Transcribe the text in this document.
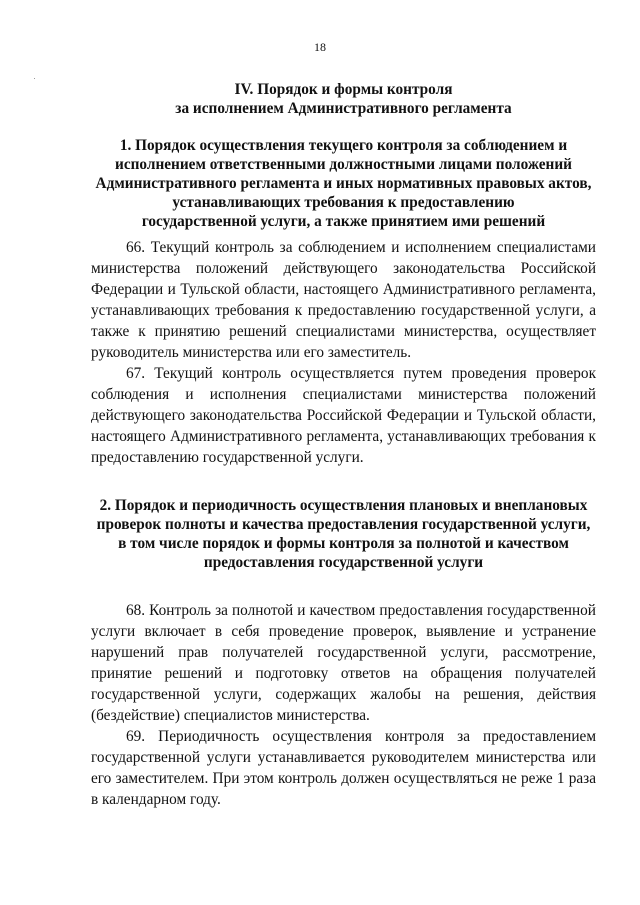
18
IV. Порядок и формы контроля
за исполнением Административного регламента
1. Порядок осуществления текущего контроля за соблюдением и
исполнением ответственными должностными лицами положений
Административного регламента и иных нормативных правовых актов,
устанавливающих требования к предоставлению
государственной услуги, а также принятием ими решений
66. Текущий контроль за соблюдением и исполнением специалистами
министерства положений действующего законодательства Российской
Федерации и Тульской области, настоящего Административного регламента,
устанавливающих требования к предоставлению государственной услуги, а
также к принятию решений специалистами министерства, осуществляет
руководитель министерства или его заместитель.
67. Текущий контроль осуществляется путем проведения проверок
соблюдения и исполнения специалистами министерства положений
действующего законодательства Российской Федерации и Тульской области,
настоящего Административного регламента, устанавливающих требования к
предоставлению государственной услуги.
2. Порядок и периодичность осуществления плановых и внеплановых
проверок полноты и качества предоставления государственной услуги,
в том числе порядок и формы контроля за полнотой и качеством
предоставления государственной услуги
68. Контроль за полнотой и качеством предоставления государственной
услуги включает в себя проведение проверок, выявление и устранение
нарушений прав получателей государственной услуги, рассмотрение,
принятие решений и подготовку ответов на обращения получателей
государственной услуги, содержащих жалобы на решения, действия
(бездействие) специалистов министерства.
69. Периодичность осуществления контроля за предоставлением
государственной услуги устанавливается руководителем министерства или
его заместителем. При этом контроль должен осуществляться не реже 1 раза
в календарном году.
